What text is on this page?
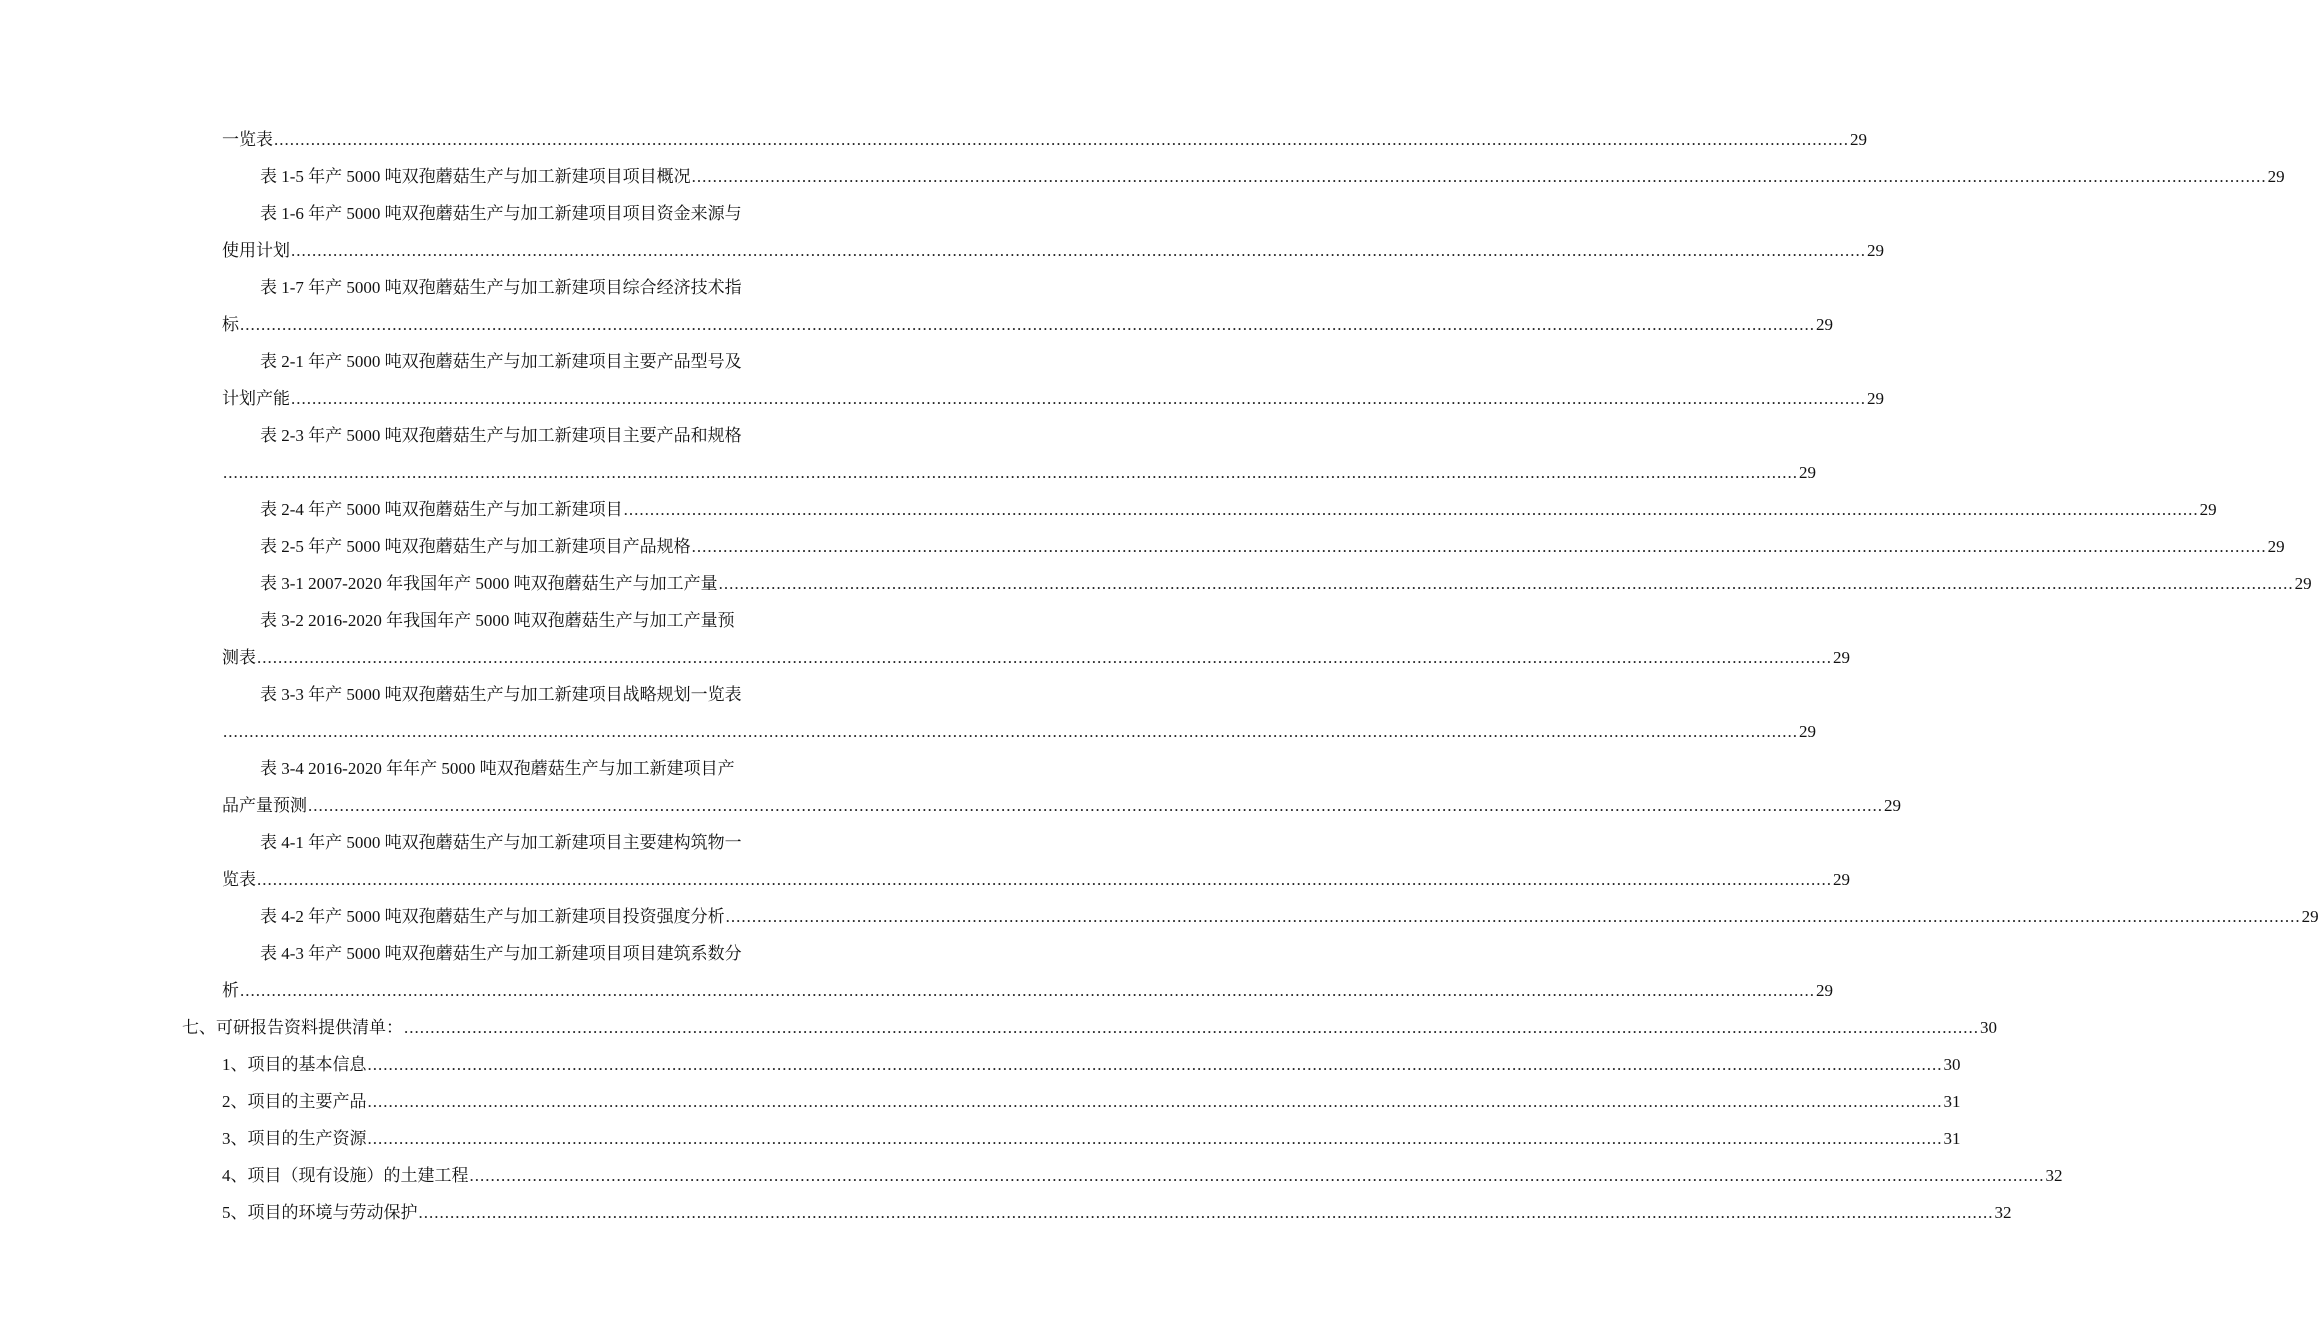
一览表 ............................................................................................................................................................................................................................................................................................................ 29
表 1-5 年产 5000 吨双孢蘑菇生产与加工新建项目项目概况 ............................................................................................................................................................................................................................................................................................................ 29
表 1-6 年产 5000 吨双孢蘑菇生产与加工新建项目项目资金来源与
使用计划 ............................................................................................................................................................................................................................................................................................................ 29
表 1-7 年产 5000 吨双孢蘑菇生产与加工新建项目综合经济技术指
标 ............................................................................................................................................................................................................................................................................................................ 29
表 2-1 年产 5000 吨双孢蘑菇生产与加工新建项目主要产品型号及
计划产能 ............................................................................................................................................................................................................................................................................................................ 29
表 2-3 年产 5000 吨双孢蘑菇生产与加工新建项目主要产品和规格
............................................................................................................................................................................................................................................................................................................ 29
表 2-4 年产 5000 吨双孢蘑菇生产与加工新建项目 ............................................................................................................................................................................................................................................................................................................ 29
表 2-5 年产 5000 吨双孢蘑菇生产与加工新建项目产品规格 ............................................................................................................................................................................................................................................................................................................ 29
表 3-1 2007-2020 年我国年产 5000 吨双孢蘑菇生产与加工产量 ............................................................................................................................................................................................................................................................................................................ 29
表 3-2 2016-2020 年我国年产 5000 吨双孢蘑菇生产与加工产量预
测表 ............................................................................................................................................................................................................................................................................................................ 29
表 3-3 年产 5000 吨双孢蘑菇生产与加工新建项目战略规划一览表
............................................................................................................................................................................................................................................................................................................ 29
表 3-4 2016-2020 年年产 5000 吨双孢蘑菇生产与加工新建项目产
品产量预测 ............................................................................................................................................................................................................................................................................................................ 29
表 4-1 年产 5000 吨双孢蘑菇生产与加工新建项目主要建构筑物一
览表 ............................................................................................................................................................................................................................................................................................................ 29
表 4-2 年产 5000 吨双孢蘑菇生产与加工新建项目投资强度分析 ............................................................................................................................................................................................................................................................................................................ 29
表 4-3 年产 5000 吨双孢蘑菇生产与加工新建项目项目建筑系数分
析 ............................................................................................................................................................................................................................................................................................................ 29
七、可研报告资料提供清单： ............................................................................................................................................................................................................................................................................................................ 30
1、项目的基本信息 ............................................................................................................................................................................................................................................................................................................ 30
2、项目的主要产品 ............................................................................................................................................................................................................................................................................................................ 31
3、项目的生产资源 ............................................................................................................................................................................................................................................................................................................ 31
4、项目（现有设施）的土建工程 ............................................................................................................................................................................................................................................................................................................ 32
5、项目的环境与劳动保护 ............................................................................................................................................................................................................................................................................................................ 32
